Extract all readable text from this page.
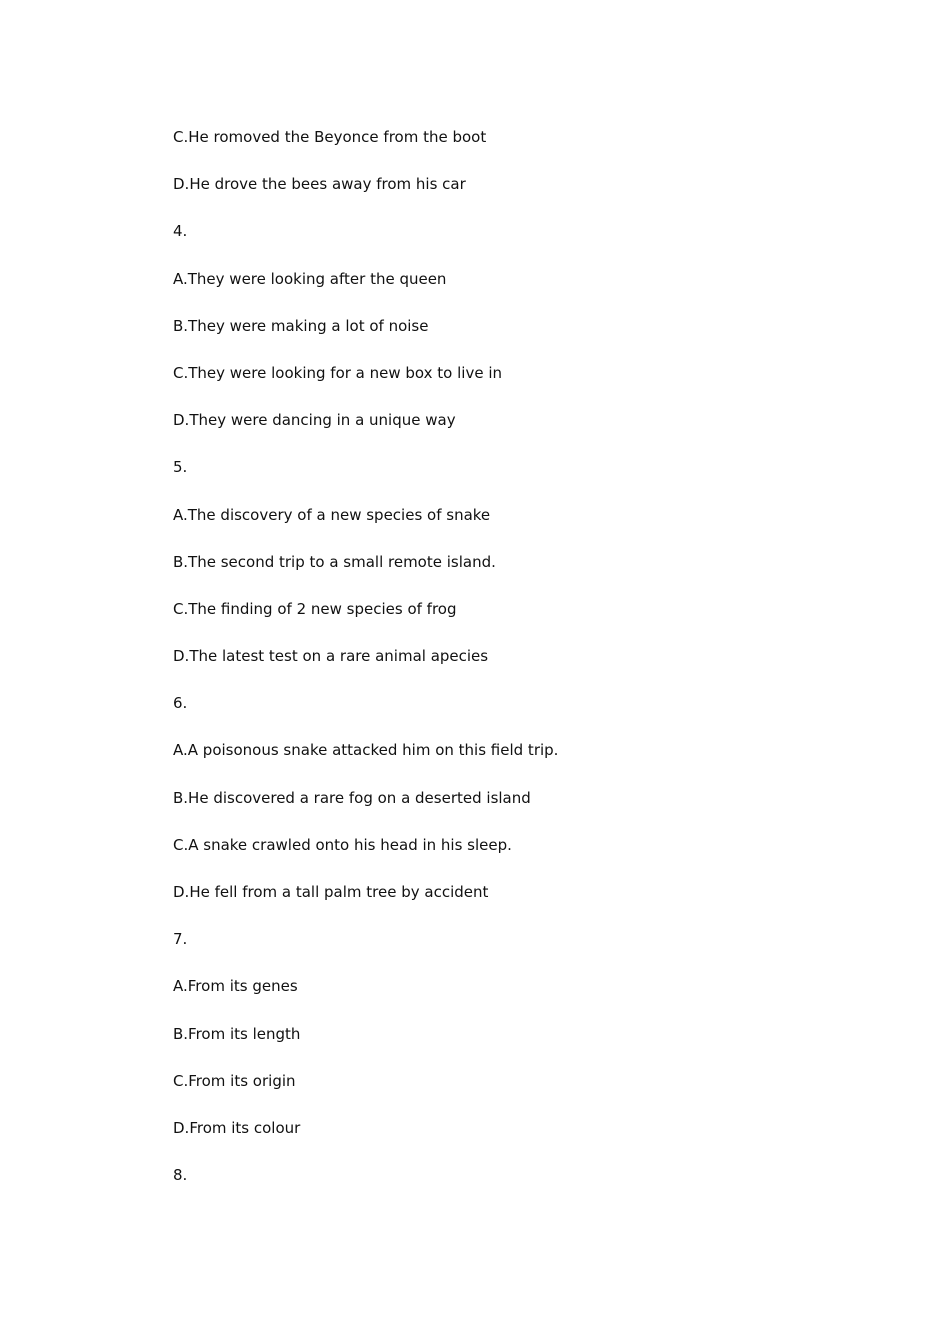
C.He romoved the Beyonce from the boot
D.He drove the bees away from his car
4.
A.They were looking after the queen
B.They were making a lot of noise
C.They were looking for a new box to live in
D.They were dancing in a unique way
5.
A.The discovery of a new species of snake
B.The second trip to a small remote island.
C.The finding of 2 new species of frog
D.The latest test on a rare animal apecies
6.
A.A poisonous snake attacked him on this field trip.
B.He discovered a rare fog on a deserted island
C.A snake crawled onto his head in his sleep.
D.He fell from a tall palm tree by accident
7.
A.From its genes
B.From its length
C.From its origin
D.From its colour
8.
